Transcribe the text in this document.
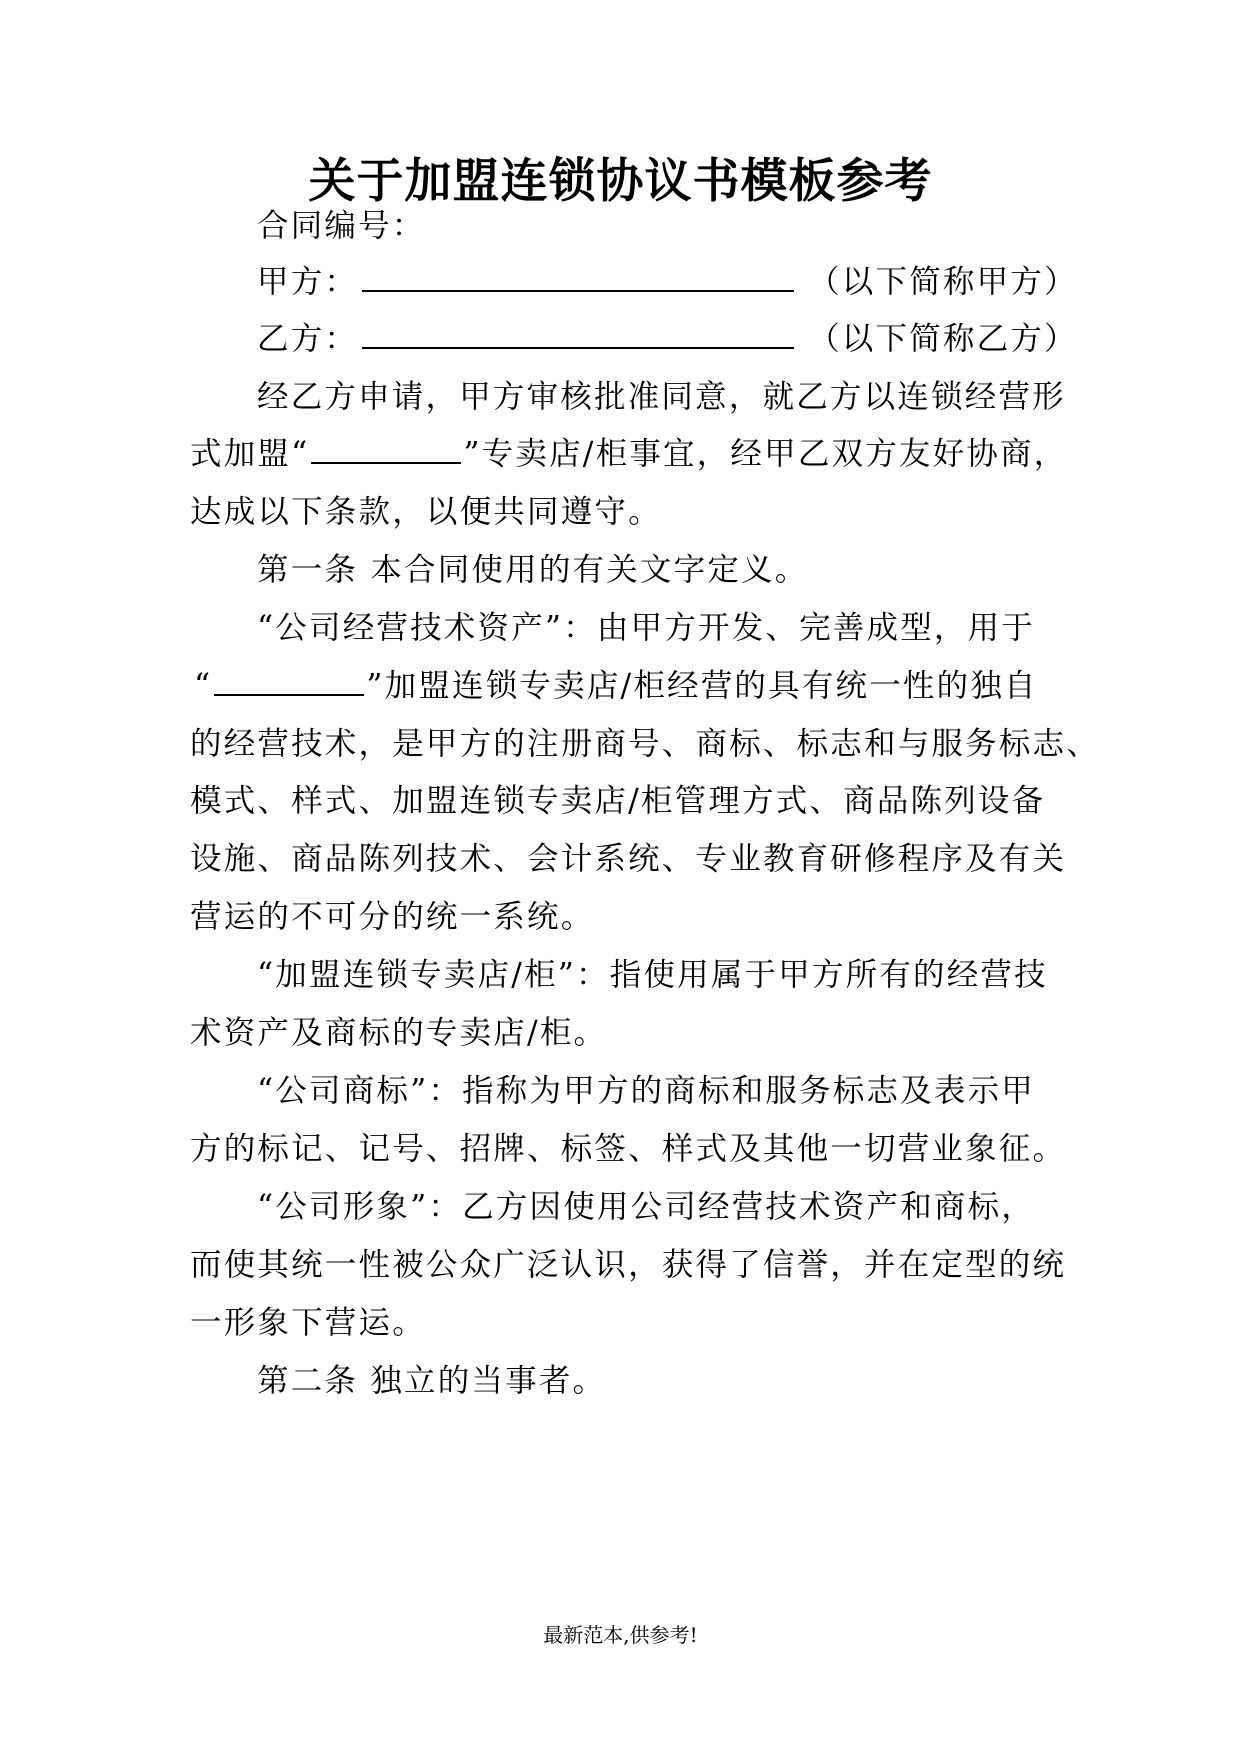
关于加盟连锁协议书模板参考
合同编号：
甲方：	（以下简称甲方）
乙方：	（以下简称乙方）
经乙方申请，甲方审核批准同意，就乙方以连锁经营形
式加盟“	”专卖店/柜事宜，经甲乙双方友好协商，
达成以下条款，以便共同遵守。
第一条 本合同使用的有关文字定义。
“公司经营技术资产”：由甲方开发、完善成型，用于
“	”加盟连锁专卖店/柜经营的具有统一性的独自
的经营技术，是甲方的注册商号、商标、标志和与服务标志、
模式、样式、加盟连锁专卖店/柜管理方式、商品陈列设备
设施、商品陈列技术、会计系统、专业教育研修程序及有关
营运的不可分的统一系统。
“加盟连锁专卖店/柜”：指使用属于甲方所有的经营技
术资产及商标的专卖店/柜。
“公司商标”：指称为甲方的商标和服务标志及表示甲
方的标记、记号、招牌、标签、样式及其他一切营业象征。
“公司形象”：乙方因使用公司经营技术资产和商标，
而使其统一性被公众广泛认识，获得了信誉，并在定型的统
一形象下营运。
第二条 独立的当事者。
最新范本,供参考!
